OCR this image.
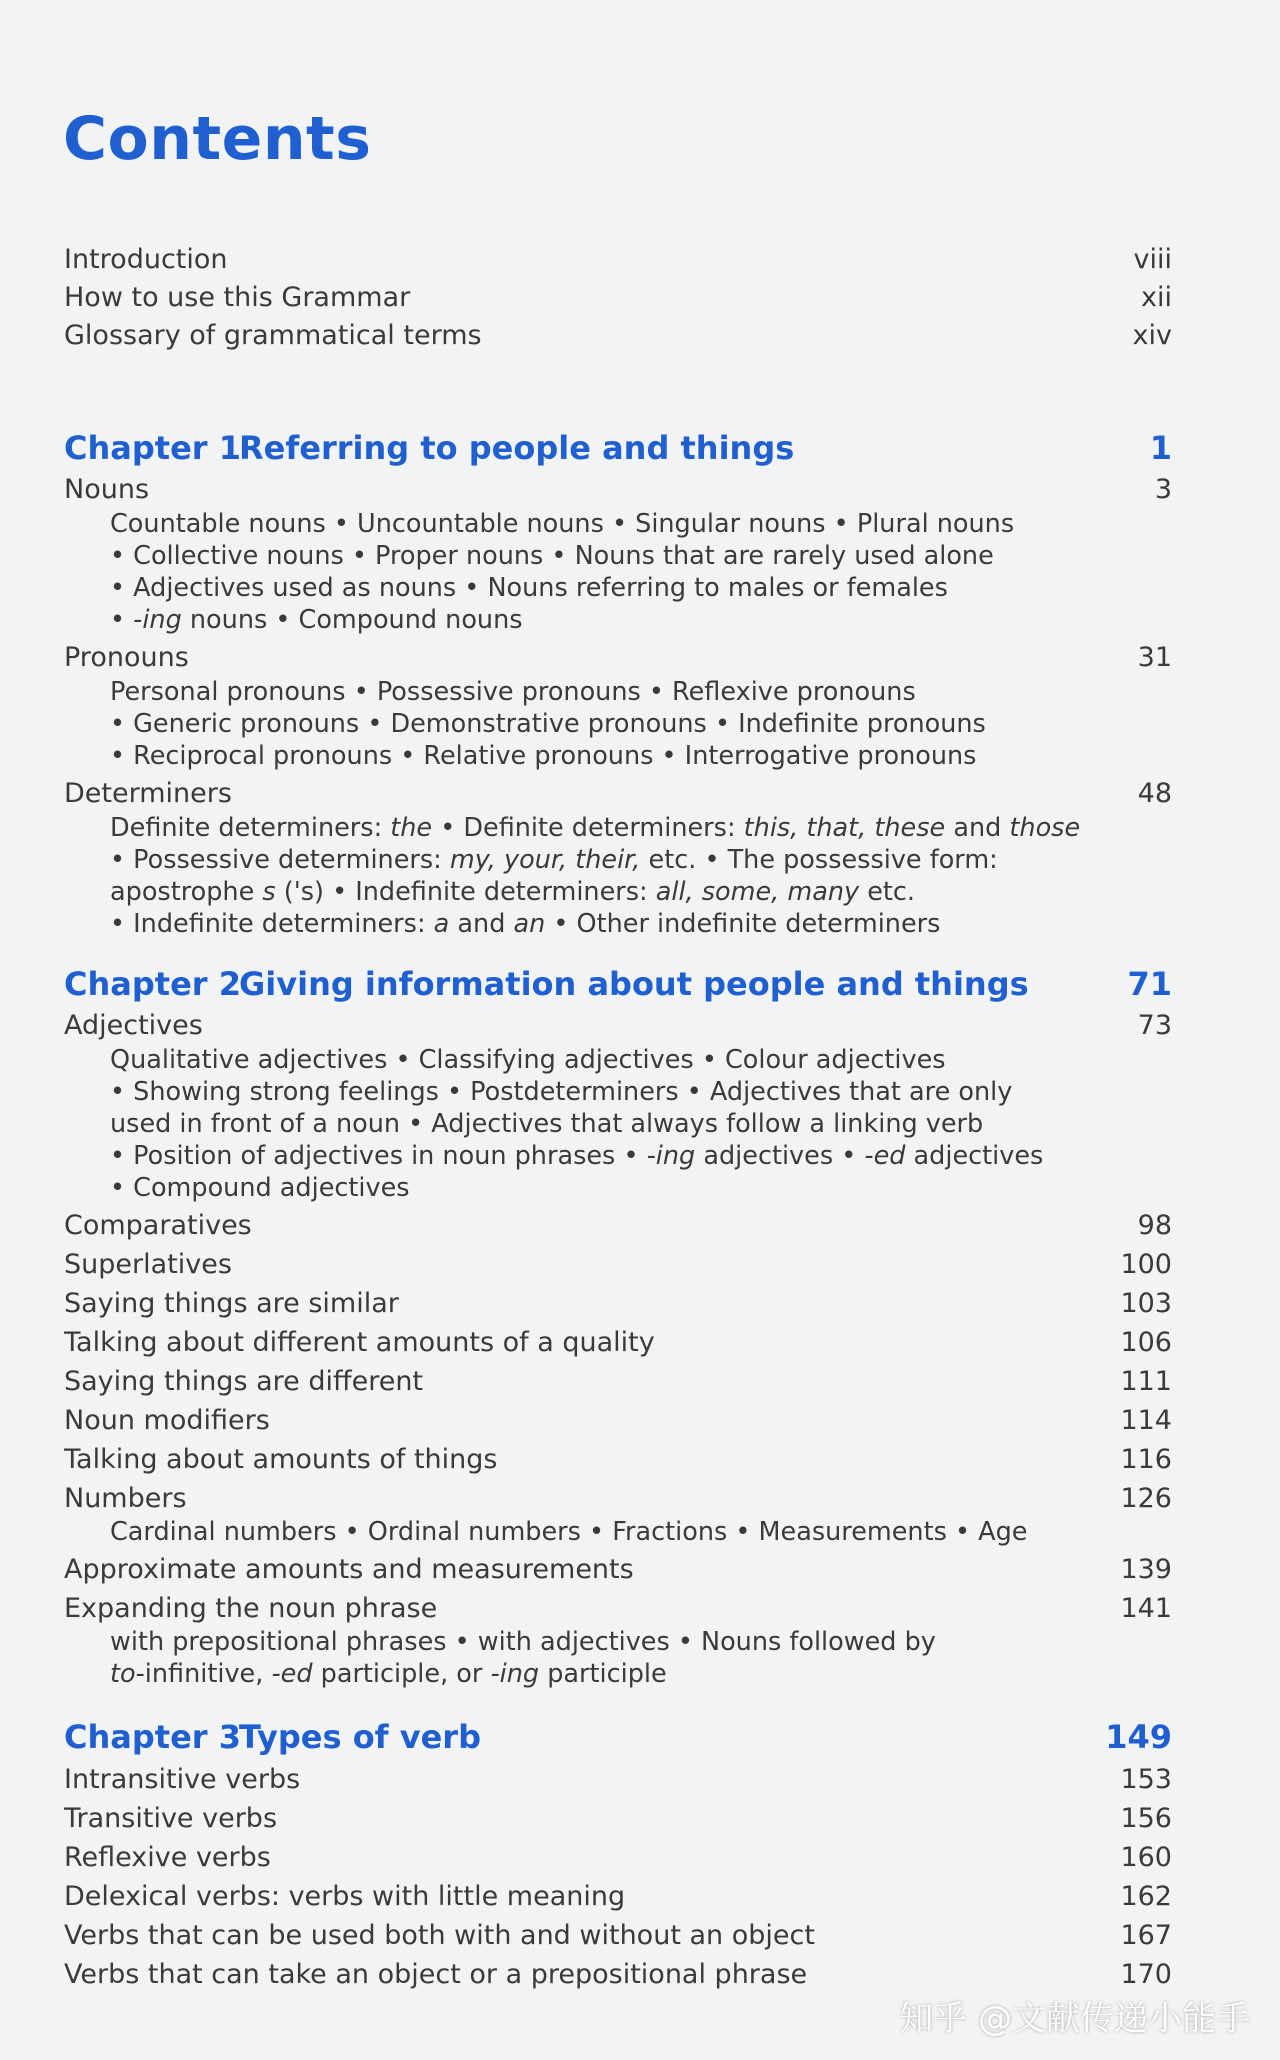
Contents
Introduction	viii
How to use this Grammar	xii
Glossary of grammatical terms	xiv
Chapter 1Referring to people and things	1
Nouns	3
Countable nouns • Uncountable nouns • Singular nouns • Plural nouns
• Collective nouns • Proper nouns • Nouns that are rarely used alone
• Adjectives used as nouns • Nouns referring to males or females
• -ing nouns • Compound nouns
Pronouns	31
Personal pronouns • Possessive pronouns • Reflexive pronouns
• Generic pronouns • Demonstrative pronouns • Indefinite pronouns
• Reciprocal pronouns • Relative pronouns • Interrogative pronouns
Determiners	48
Definite determiners: the • Definite determiners: this, that, these and those
• Possessive determiners: my, your, their, etc. • The possessive form:
apostrophe s ('s) • Indefinite determiners: all, some, many etc.
• Indefinite determiners: a and an • Other indefinite determiners
Chapter 2Giving information about people and things	71
Adjectives	73
Qualitative adjectives • Classifying adjectives • Colour adjectives
• Showing strong feelings • Postdeterminers • Adjectives that are only
used in front of a noun • Adjectives that always follow a linking verb
• Position of adjectives in noun phrases • -ing adjectives • -ed adjectives
• Compound adjectives
Comparatives	98
Superlatives	100
Saying things are similar	103
Talking about different amounts of a quality	106
Saying things are different	111
Noun modifiers	114
Talking about amounts of things	116
Numbers	126
Cardinal numbers • Ordinal numbers • Fractions • Measurements • Age
Approximate amounts and measurements	139
Expanding the noun phrase	141
with prepositional phrases • with adjectives • Nouns followed by
to-infinitive, -ed participle, or -ing participle
Chapter 3Types of verb	149
Intransitive verbs	153
Transitive verbs	156
Reflexive verbs	160
Delexical verbs: verbs with little meaning	162
Verbs that can be used both with and without an object	167
Verbs that can take an object or a prepositional phrase	170
知乎 @文献传递小能手
